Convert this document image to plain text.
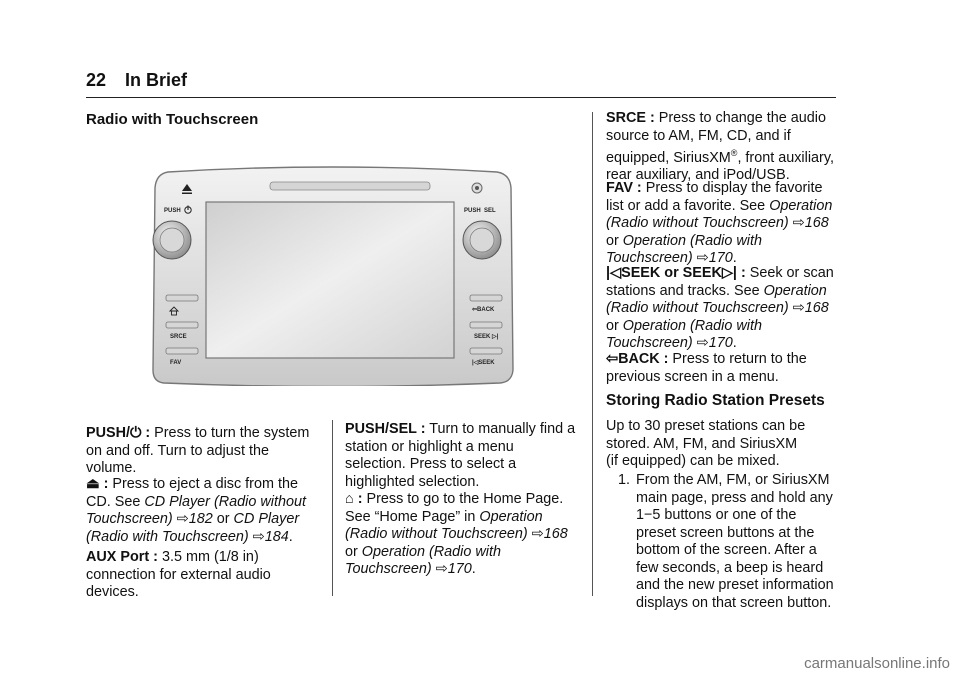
22 In Brief
Radio with Touchscreen
PUSH	PUSH SEL
SRCE
FAV
⇦BACK
SEEK ▷|
|◁SEEK
PUSH/⏻ : Press to turn the system
on and off. Turn to adjust the
volume.
⏏ : Press to eject a disc from the
CD. See CD Player (Radio without
Touchscreen) ⇨182 or CD Player
(Radio with Touchscreen) ⇨184.
AUX Port : 3.5 mm (1/8 in)
connection for external audio
devices.
PUSH/SEL : Turn to manually find a
station or highlight a menu
selection. Press to select a
highlighted selection.
⌂ : Press to go to the Home Page.
See “Home Page” in Operation
(Radio without Touchscreen) ⇨168
or Operation (Radio with
Touchscreen) ⇨170.
SRCE : Press to change the audio
source to AM, FM, CD, and if
equipped, SiriusXM®, front auxiliary,
rear auxiliary, and iPod/USB.
FAV : Press to display the favorite
list or add a favorite. See Operation
(Radio without Touchscreen) ⇨168
or Operation (Radio with
Touchscreen) ⇨170.
|◁SEEK or SEEK▷| : Seek or scan
stations and tracks. See Operation
(Radio without Touchscreen) ⇨168
or Operation (Radio with
Touchscreen) ⇨170.
⇦BACK : Press to return to the
previous screen in a menu.
Storing Radio Station Presets
Up to 30 preset stations can be
stored. AM, FM, and SiriusXM
(if equipped) can be mixed.
1. From the AM, FM, or SiriusXM
main page, press and hold any
1−5 buttons or one of the
preset screen buttons at the
bottom of the screen. After a
few seconds, a beep is heard
and the new preset information
displays on that screen button.
carmanualsonline.info
